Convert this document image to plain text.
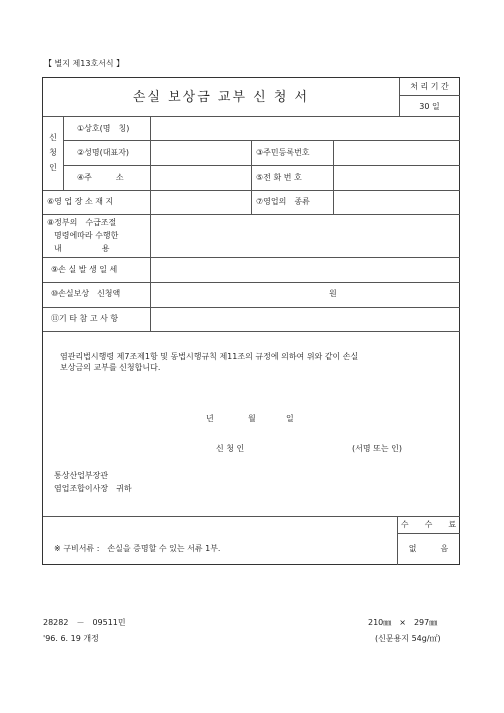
【 별지 제13호서식 】
손실 보상금 교부 신 청 서
처 리 기 간
30 일
신
청
인
①상호(명　칭)
②성명(대표자)	③주민등록번호
④주　　　소	⑤전 화 번 호
⑥영 업 장 소 재 지	⑦영업의　종류
⑧정부의　수급조절
명령에따라 수행한
내　　　　　용
⑨손 실 발 생 일 세
⑩손실보상　신청액	원
⑪기 타 참 고 사 항
염관리법시행령 제7조제1항 및 동법시행규칙 제11조의 규정에 의하여 위와 같이 손실
보상금의 교부를 신청합니다.
년	월	일
신 청 인	(서명 또는 인)
통상산업부장관
염업조합이사장　귀하
※ 구비서류 :　손실을 증명할 수 있는 서류 1부.
수　　수　　료
없　　　음
28282　－　09511민
'96. 6. 19 개정
210㎜　×　297㎜
(신문용지 54g/㎡)
